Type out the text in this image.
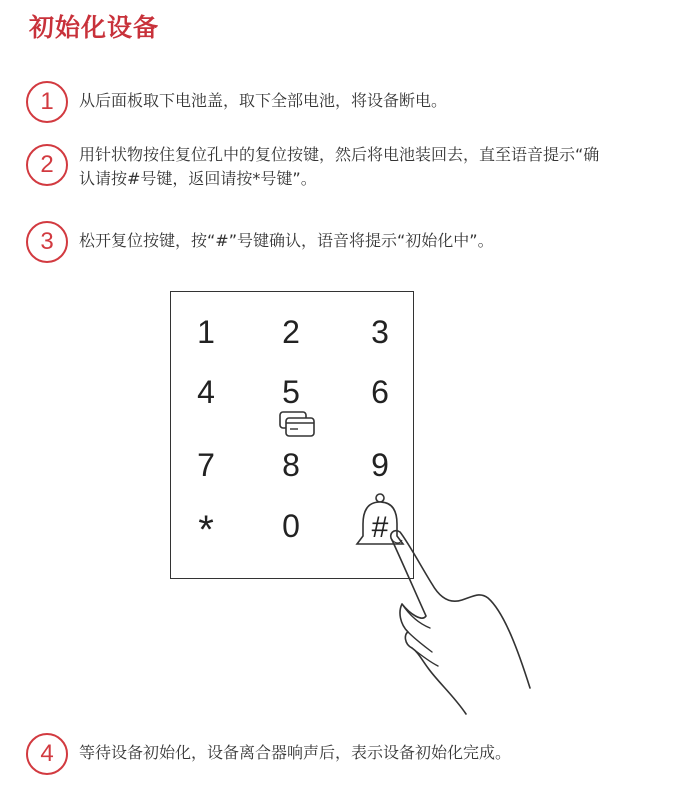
初始化设备
1	从后面板取下电池盖，取下全部电池，将设备断电。
2	用针状物按住复位孔中的复位按键，然后将电池装回去，直至语音提示“确
认请按#号键，返回请按*号键”。
3	松开复位按键，按“#”号键确认，语音将提示“初始化中”。
1	2	3
4	5	6
7	8	9
*	0	#
4	等待设备初始化，设备离合器响声后，表示设备初始化完成。
